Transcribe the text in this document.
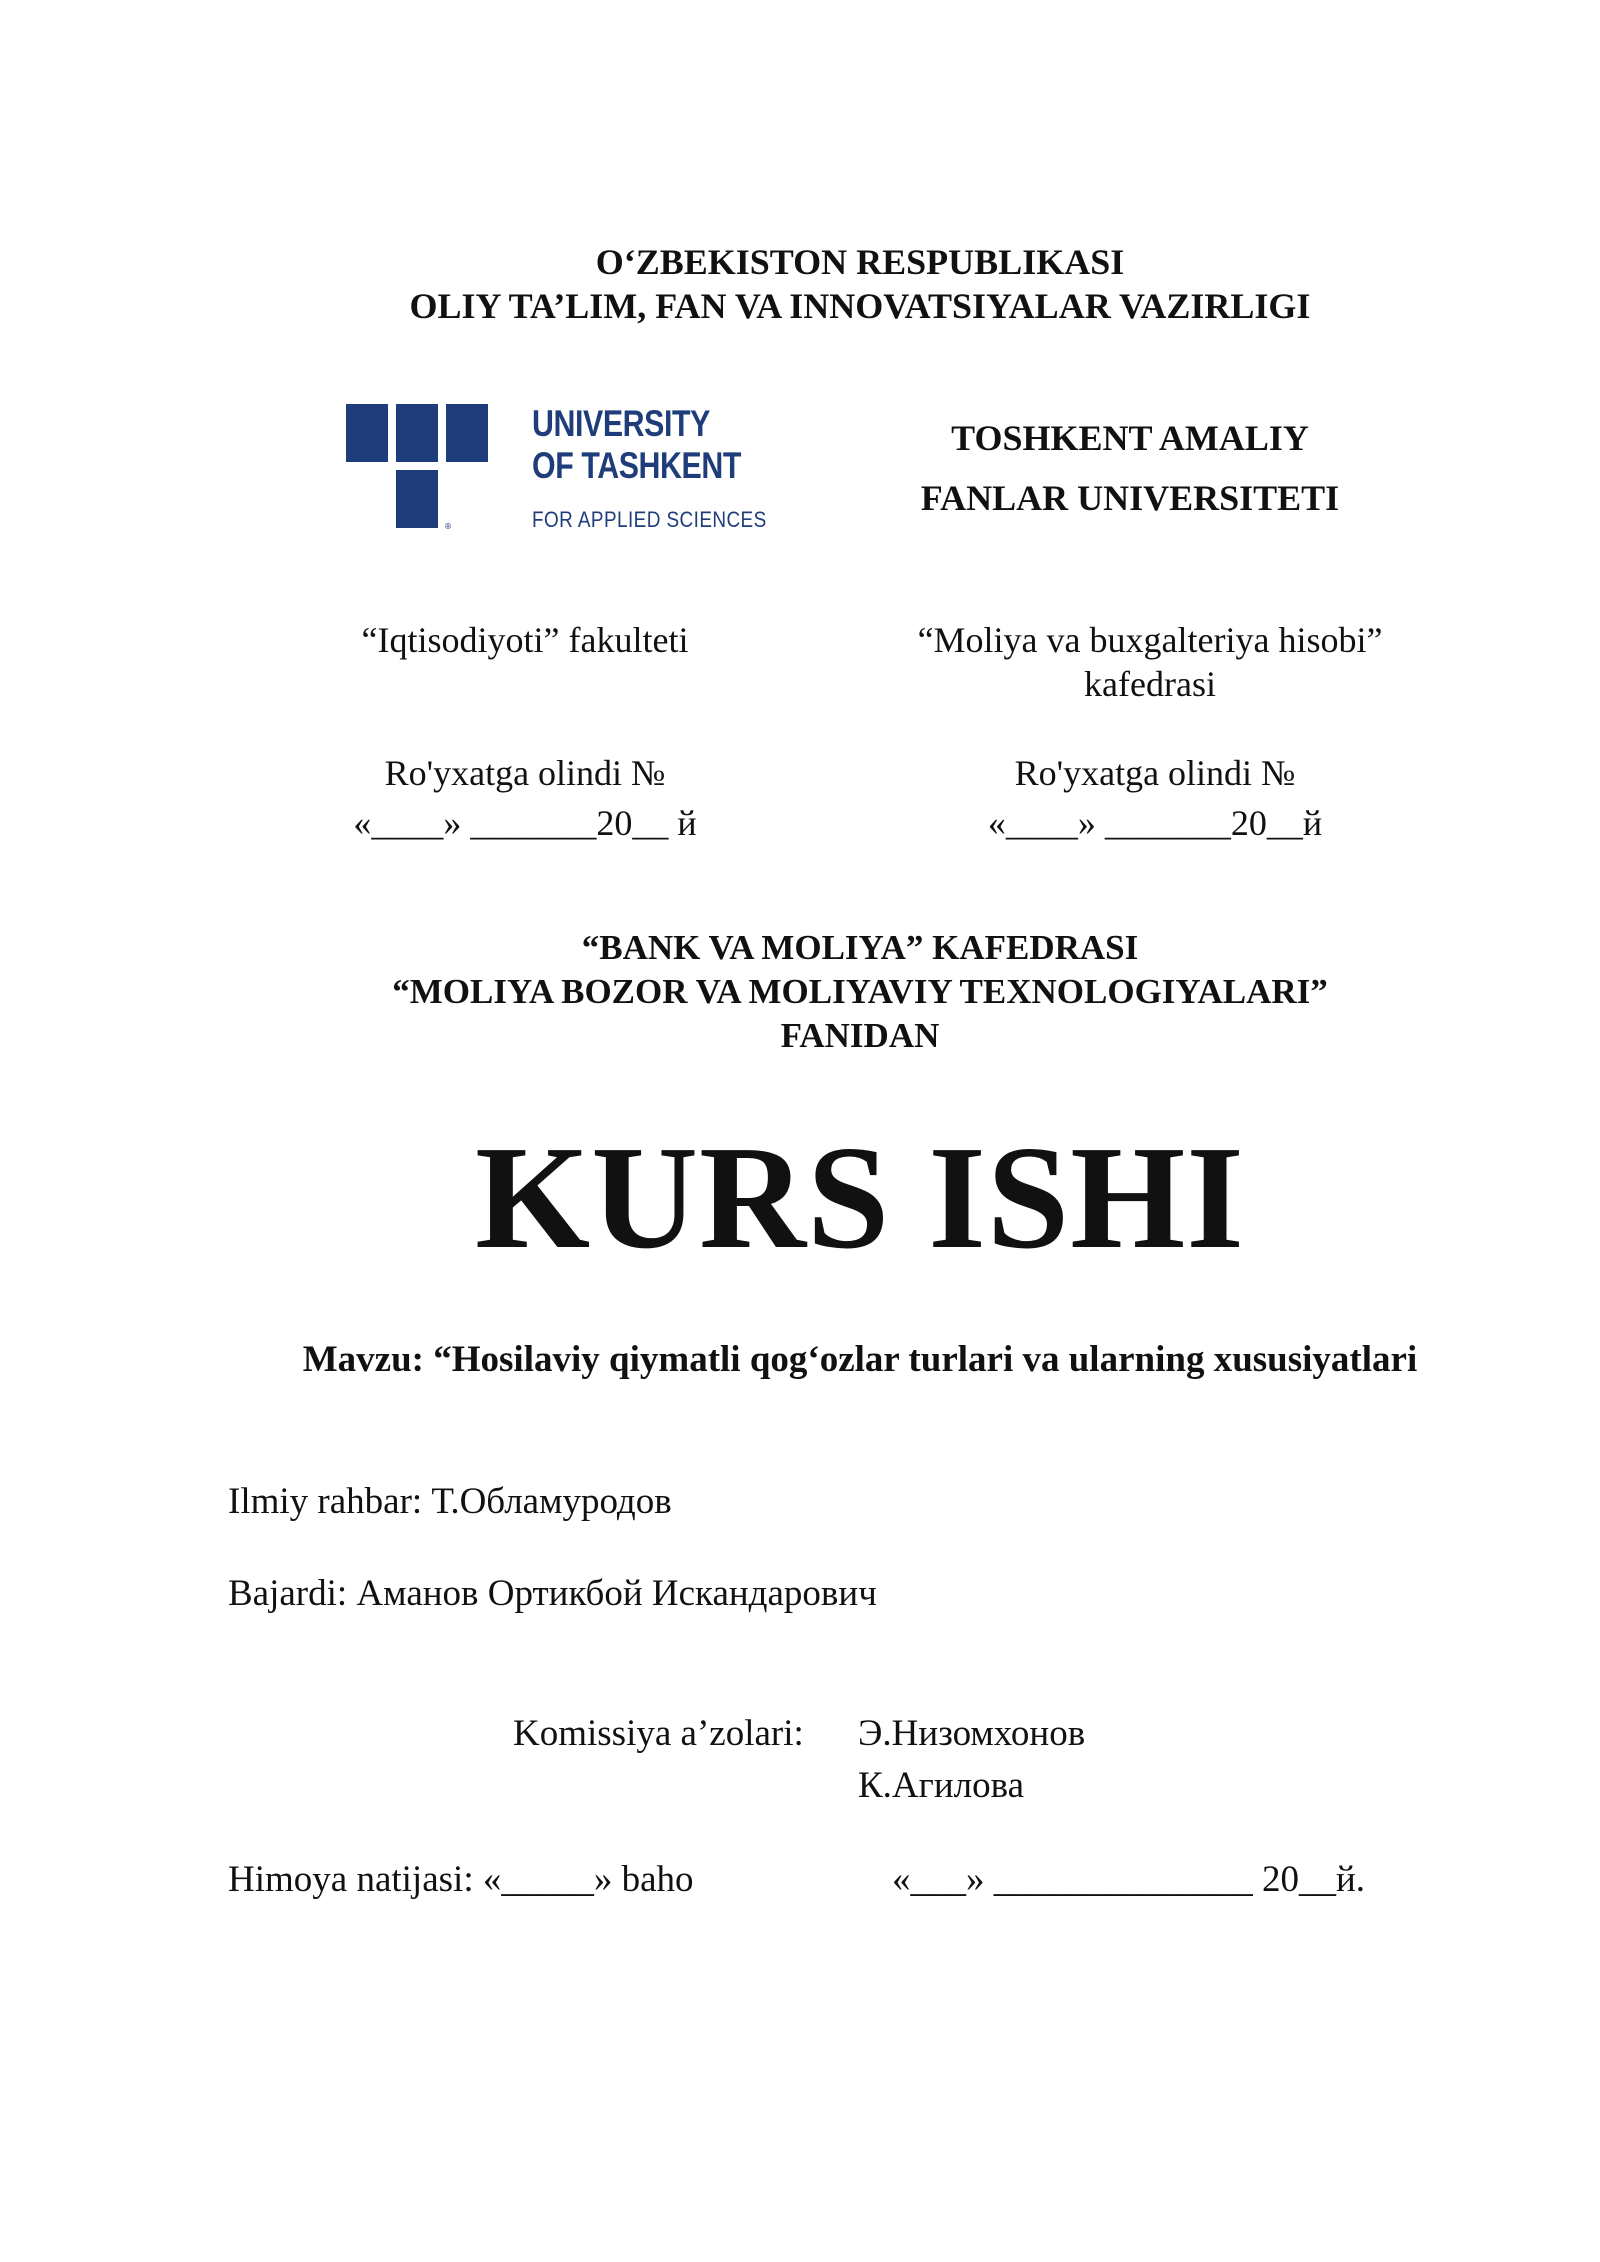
O‘ZBEKISTON RESPUBLIKASI
OLIY TA’LIM, FAN VA INNOVATSIYALAR VAZIRLIGI
®
UNIVERSITY
OF TASHKENT
FOR APPLIED SCIENCES
TOSHKENT AMALIY
FANLAR UNIVERSITETI
“Iqtisodiyoti” fakulteti	“Moliya va buxgalteriya hisobi”
kafedrasi
Ro'yxatga olindi №
«____» _______20__ й
Ro'yxatga olindi №
«____» _______20__й
“BANK VA MOLIYA” KAFEDRASI
“MOLIYA BOZOR VA MOLIYAVIY TEXNOLOGIYALARI”
FANIDAN
KURS ISHI
Mavzu: “Hosilaviy qiymatli qog‘ozlar turlari va ularning xususiyatlari
Ilmiy rahbar: Т.Обламуродов
Bajardi: Аманов Ортикбой Искандарович
Komissiya a’zolari: Э.Низомхонов
К.Агилова
Himoya natijasi: «_____» baho	«___» ______________ 20__й.
